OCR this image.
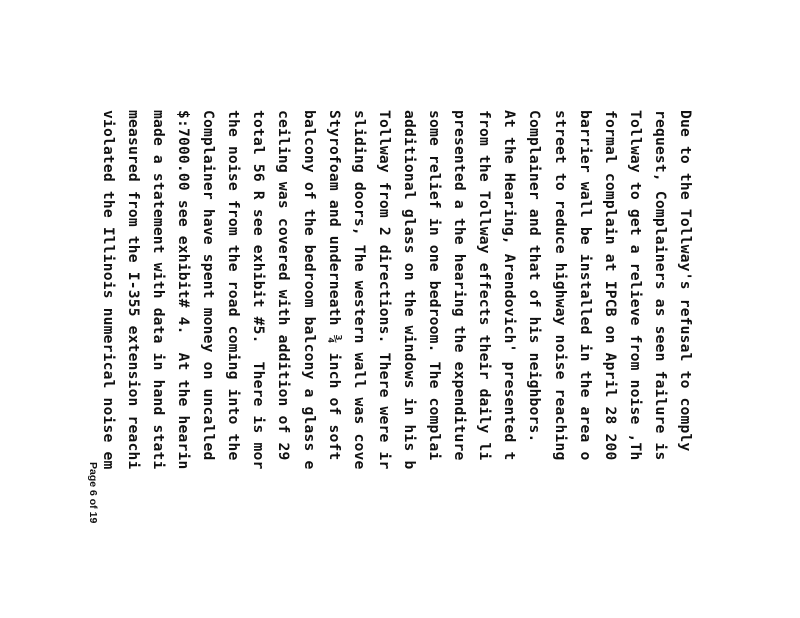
Due to the Tollway's refusal to comply
request, Complainers as seen failure is
Tollway to get a relieve from noise ,Th
formal complain at IPCB on April 28 200
barrier wall be installed in the area o
street to reduce highway noise reaching
Complainer and that of his neighbors.
At the Hearing, Arendovich' presented t
from the Tollway effects their daily li
presented a the hearing the expenditure
some relief in one bedroom. The complai
additional glass on the windows in his b
Tollway from 2 directions. There were ir
sliding doors, The western wall was cove
Styrofoam and underneath ¾ inch of soft
balcony of the bedroom balcony a glass e
ceiling was covered with addition of 29
total 56 R see exhibit #5.  There is mor
the noise from the road coming into the
Complainer have spent money on uncalled
$:7000.00 see exhibit# 4.  At the hearin
made a statement with data in hand stati
measured from the I-355 extension reachi
violated the Illinois numerical noise em
Page 6 of 19
